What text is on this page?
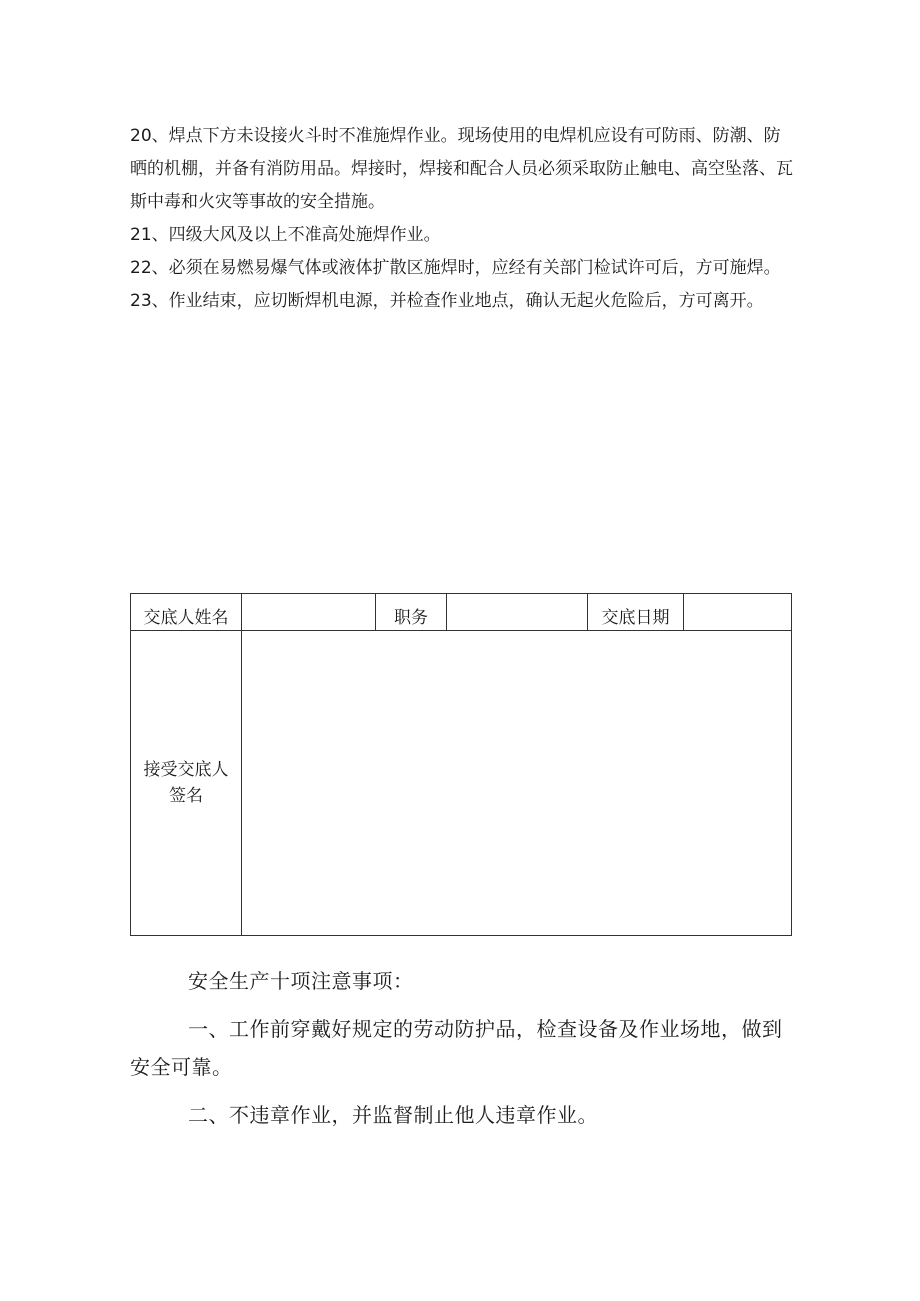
20、焊点下方未设接火斗时不准施焊作业。现场使用的电焊机应设有可防雨、防潮、防晒的机棚，并备有消防用品。焊接时，焊接和配合人员必须采取防止触电、高空坠落、瓦斯中毒和火灾等事故的安全措施。

21、四级大风及以上不准高处施焊作业。

22、必须在易燃易爆气体或液体扩散区施焊时，应经有关部门检试许可后，方可施焊。

23、作业结束，应切断焊机电源，并检查作业地点，确认无起火危险后，方可离开。

交底人姓名		职务		交底日期	

接受交底人
签名					

安全生产十项注意事项：

一、工作前穿戴好规定的劳动防护品，检查设备及作业场地，做到安全可靠。

二、不违章作业，并监督制止他人违章作业。
